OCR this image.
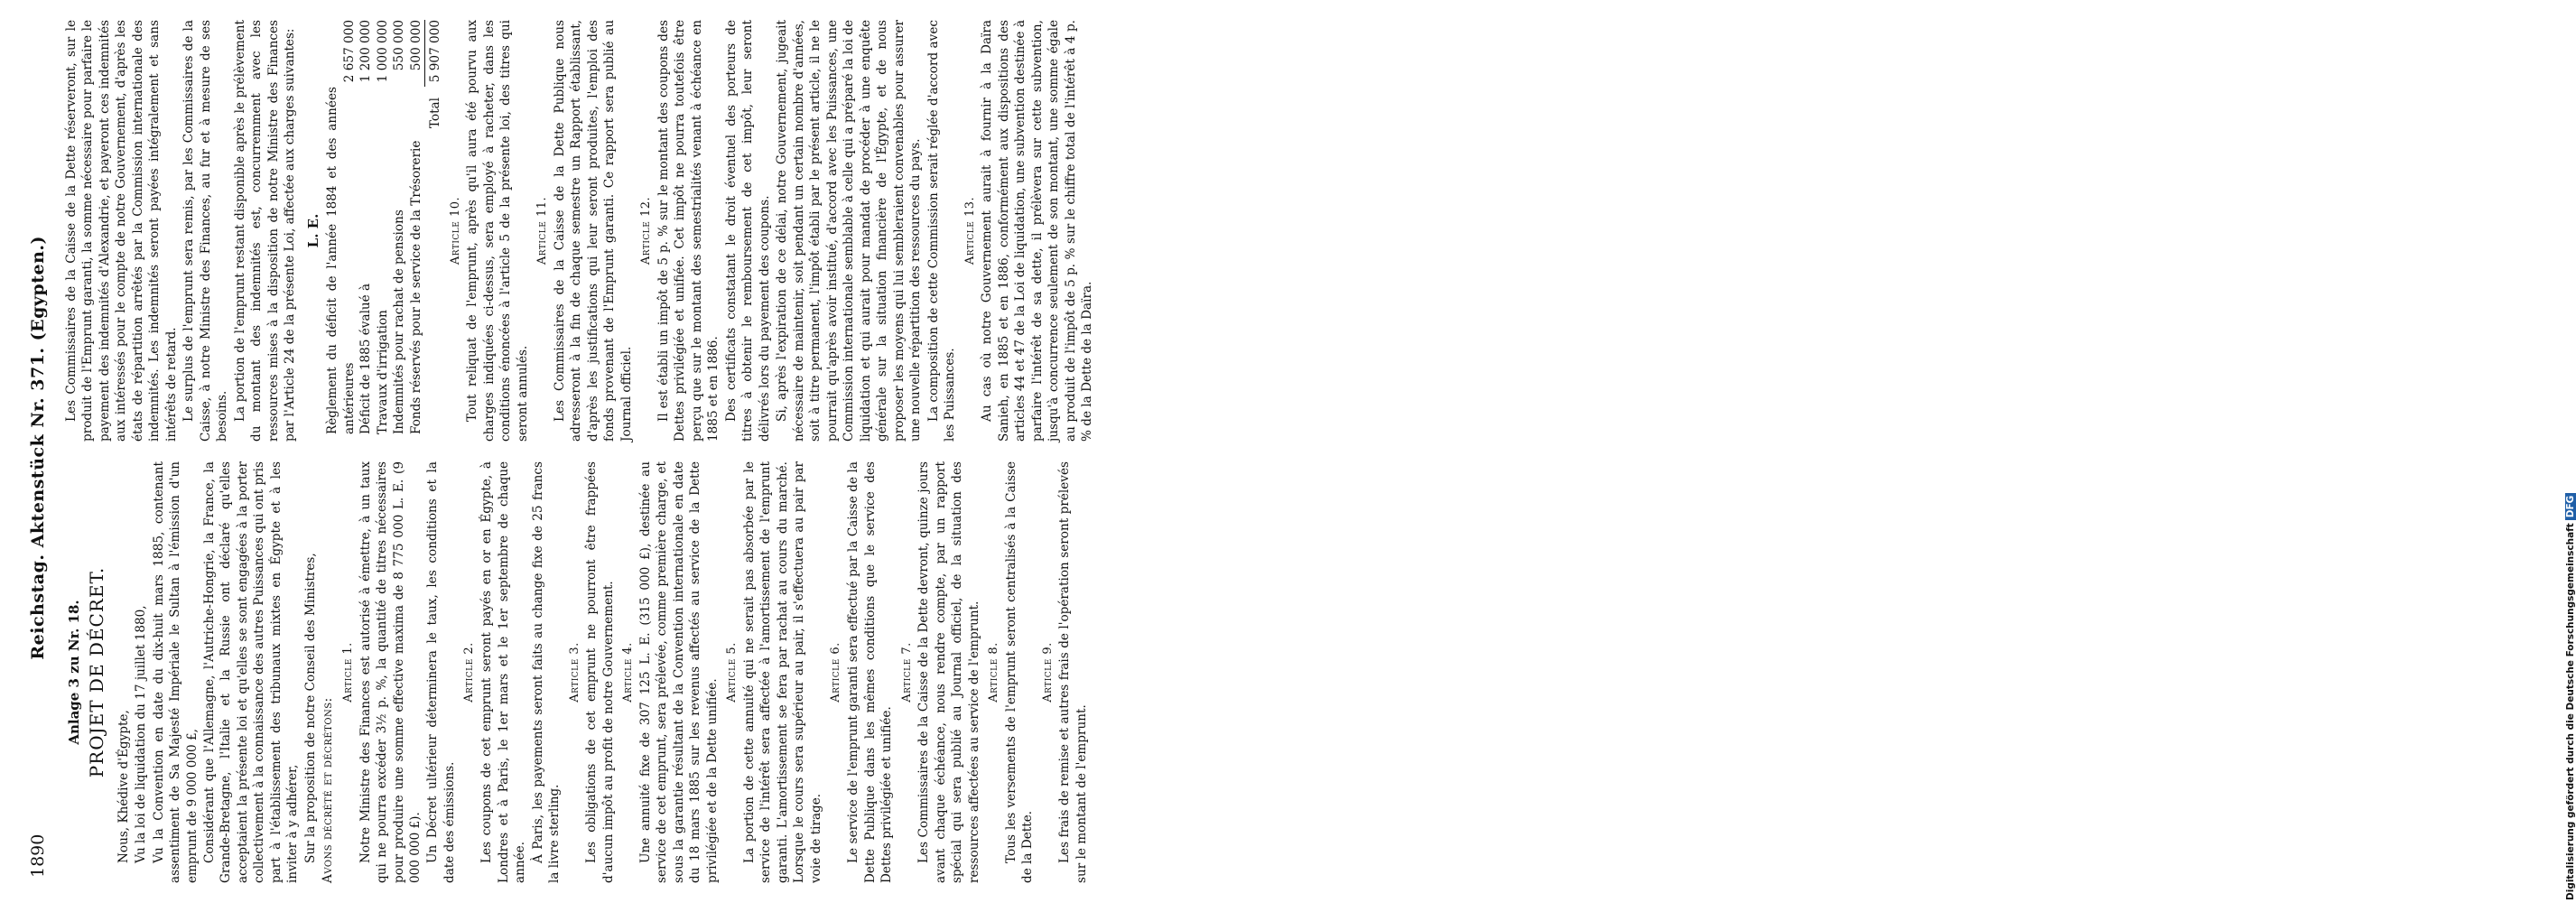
1890
Reichstag. Aktenstück Nr. 371. (Egypten.)
Anlage 3 zu Nr. 18. PROJET DE DÉCRET.

Nous, Khédive d'Égypte, Vu la loi de liquidation du 17 juillet 1880, Vu la Convention en date du dix-huit mars 1885, contenant assentiment de Sa Majesté Impériale le Sultan à l'émission d'un emprunt de 9 000 000 £, Considérant que l'Allemagne, l'Autriche-Hongrie, la France, la Grande-Bretagne, l'Italie et la Russie ont déclaré qu'elles acceptaient la présente loi et qu'elles se sont engagées à la porter collectivement à la connaissance des autres Puissances qui ont pris part à l'établissement des tribunaux mixtes en Égypte et à les inviter à y adhérer, Sur la proposition de notre Conseil des Ministres, Avons décrété et décrétons:

Article 1. Notre Ministre des Finances est autorisé à émettre, à un taux qui ne pourra excéder 3½ p. %, la quantité de titres nécessaires pour produire une somme effective maxima de 8 775 000 L. E. (9 000 000 £). Un Décret ultérieur déterminera le taux, les conditions et la date des émissions.

Article 2. Les coupons de cet emprunt seront payés en or en Égypte, à Londres et à Paris, le 1er mars et le 1er septembre de chaque année. À Paris, les payements seront faits au change fixe de 25 francs la livre sterling.

Article 3. Les obligations de cet emprunt ne pourront être frappées d'aucun impôt au profit de notre Gouvernement. Article 4. Une annuité fixe de 307 125 L. E. (315 000 £), destinée au service de cet emprunt, sera prélevée, comme première charge, et sous la garantie résultant de la Convention internationale en date du 18 mars 1885 sur les revenus affectés au service de la Dette privilégiée et de la Dette unifiée.

Article 5. La portion de cette annuité qui ne serait pas absorbée par le service de l'intérêt sera affectée à l'amortissement de l'emprunt garanti. L'amortissement se fera par rachat au cours du marché. Lorsque le cours sera supérieur au pair, il s'effectuera au pair par voie de tirage.

Article 6. Le service de l'emprunt garanti sera effectué par la Caisse de la Dette Publique dans les mêmes conditions que le service des Dettes privilégiée et unifiée.

Article 7. Les Commissaires de la Caisse de la Dette devront, quinze jours avant chaque échéance, nous rendre compte, par un rapport spécial qui sera publié au Journal officiel, de la situation des ressources affectées au service de l'emprunt. Article 8. Tous les versements de l'emprunt seront centralisés à la Caisse de la Dette.

Article 9. Les frais de remise et autres frais de l'opération seront prélevés sur le montant de l'emprunt.

Les Commissaires de la Caisse de la Dette réserveront, sur le produit de l'Emprunt garanti, la somme nécessaire pour parfaire le payement des indemnités d'Alexandrie, et payeront ces indemnités aux intéressés pour le compte de notre Gouvernement, d'après les états de répartition arrêtés par la Commission internationale des indemnités. Les indemnités seront payées intégralement et sans intérêts de retard. Le surplus de l'emprunt sera remis, par les Commissaires de la Caisse, à notre Ministre des Finances, au fur et à mesure de ses besoins. La portion de l'emprunt restant disponible après le prélèvement du montant des indemnités est, concurremment avec les ressources mises à la disposition de notre Ministre des Finances par l'Article 24 de la présente Loi, affectée aux charges suivantes: L. E. Règlement du déficit de l'année 1884 et des années antérieures	2 657 000
Déficit de 1885 évalué à	1 200 000
Travaux d'irrigation	1 000 000
Indemnités pour rachat de pensions	550 000
Fonds réservés pour le service de la Trésorerie	500 000
Total	5 907 000
Article 10. Tout reliquat de l'emprunt, après qu'il aura été pourvu aux charges indiquées ci-dessus, sera employé à racheter, dans les conditions énoncées à l'article 5 de la présente loi, des titres qui seront annulés.

Article 11. Les Commissaires de la Caisse de la Dette Publique nous adresseront à la fin de chaque semestre un Rapport établissant, d'après les justifications qui leur seront produites, l'emploi des fonds provenant de l'Emprunt garanti. Ce rapport sera publié au Journal officiel.

Article 12. Il est établi un impôt de 5 p. % sur le montant des coupons des Dettes privilégiée et unifiée. Cet impôt ne pourra toutefois être perçu que sur le montant des semestrialités venant à échéance en 1885 et en 1886. Des certificats constatant le droit éventuel des porteurs de titres à obtenir le remboursement de cet impôt, leur seront délivrés lors du payement des coupons. Si, après l'expiration de ce délai, notre Gouvernement, jugeait nécessaire de maintenir, soit pendant un certain nombre d'années, soit à titre permanent, l'impôt établi par le présent article, il ne le pourrait qu'après avoir institué, d'accord avec les Puissances, une Commission internationale semblable à celle qui a préparé la loi de liquidation et qui aurait pour mandat de procéder à une enquête générale sur la situation financière de l'Égypte, et de nous proposer les moyens qui lui sembleraient convenables pour assurer une nouvelle répartition des ressources du pays. La composition de cette Commission serait réglée d'accord avec les Puissances.

Article 13. Au cas où notre Gouvernement aurait à fournir à la Daïra Sanieh, en 1885 et en 1886, conformément aux dispositions des articles 44 et 47 de la Loi de liquidation, une subvention destinée à parfaire l'intérêt de sa dette, il prélèvera sur cette subvention, jusqu'à concurrence seulement de son montant, une somme égale au produit de l'impôt de 5 p. % sur le chiffre total de l'intérêt à 4 p. % de la Dette de la Daïra.

Digitalisierung gefördert durch die Deutsche ForschungsgemeinschaftDFG
